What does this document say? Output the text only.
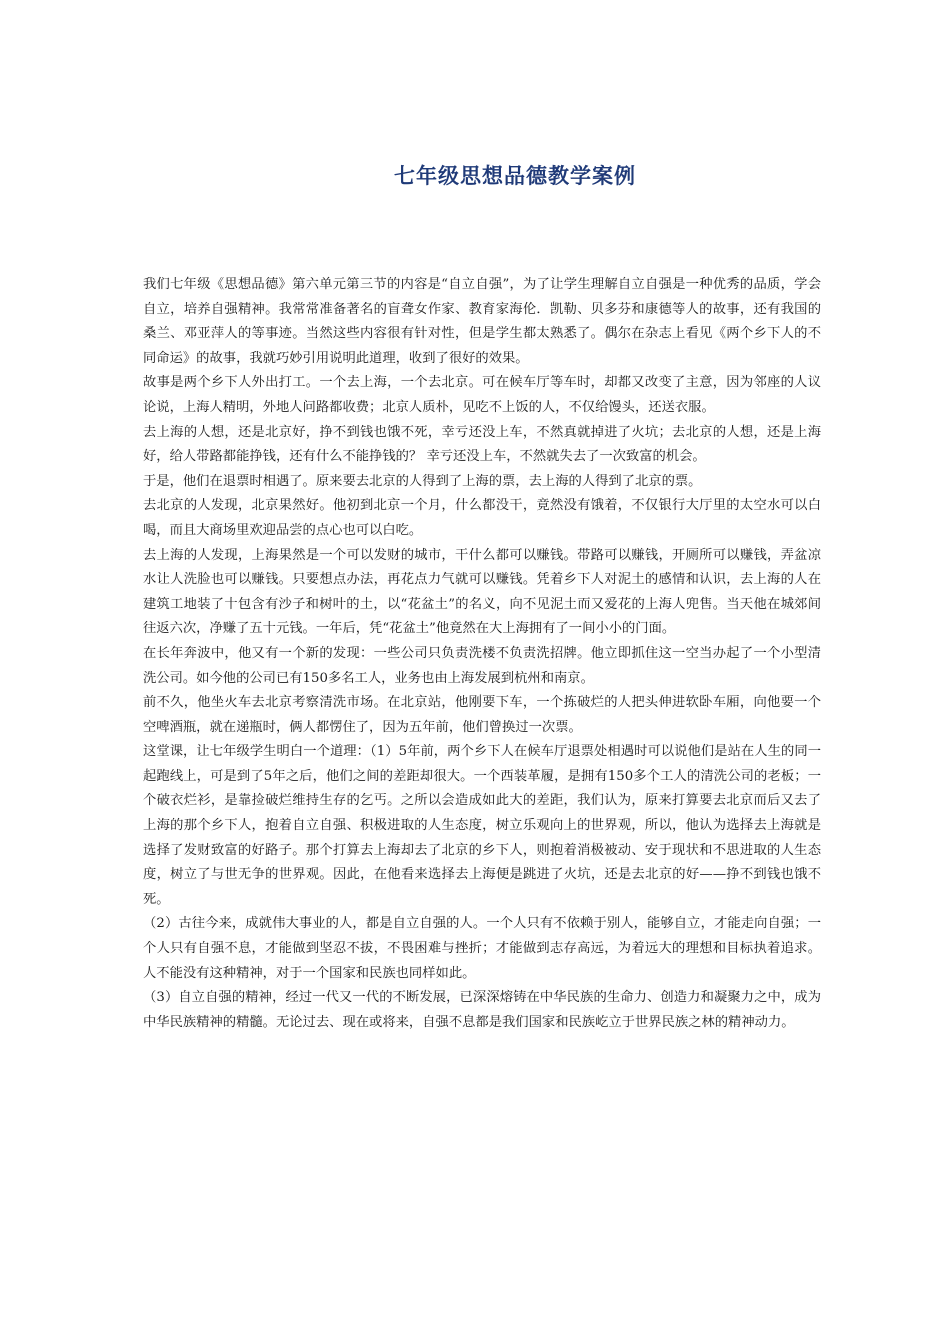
七年级思想品德教学案例

我们七年级《思想品德》第六单元第三节的内容是“自立自强”，为了让学生理解自立自强是一种优秀的品质，学会自立，培养自强精神。我常常准备著名的盲聋女作家、教育家海伦．凯勒、贝多芬和康德等人的故事，还有我国的桑兰、邓亚萍人的等事迹。当然这些内容很有针对性，但是学生都太熟悉了。偶尔在杂志上看见《两个乡下人的不同命运》的故事，我就巧妙引用说明此道理，收到了很好的效果。

故事是两个乡下人外出打工。一个去上海，一个去北京。可在候车厅等车时，却都又改变了主意，因为邻座的人议论说，上海人精明，外地人问路都收费；北京人质朴，见吃不上饭的人，不仅给馒头，还送衣服。

去上海的人想，还是北京好，挣不到钱也饿不死，幸亏还没上车，不然真就掉进了火坑；去北京的人想，还是上海好，给人带路都能挣钱，还有什么不能挣钱的？ 幸亏还没上车，不然就失去了一次致富的机会。

于是，他们在退票时相遇了。原来要去北京的人得到了上海的票，去上海的人得到了北京的票。

去北京的人发现，北京果然好。他初到北京一个月，什么都没干，竟然没有饿着，不仅银行大厅里的太空水可以白喝，而且大商场里欢迎品尝的点心也可以白吃。

去上海的人发现，上海果然是一个可以发财的城市，干什么都可以赚钱。带路可以赚钱，开厕所可以赚钱，弄盆凉水让人洗脸也可以赚钱。只要想点办法，再花点力气就可以赚钱。凭着乡下人对泥土的感情和认识，去上海的人在建筑工地装了十包含有沙子和树叶的土，以“花盆土”的名义，向不见泥土而又爱花的上海人兜售。当天他在城郊间往返六次，净赚了五十元钱。一年后，凭“花盆土”他竟然在大上海拥有了一间小小的门面。

在长年奔波中，他又有一个新的发现：一些公司只负责洗楼不负责洗招牌。他立即抓住这一空当办起了一个小型清洗公司。如今他的公司已有150多名工人，业务也由上海发展到杭州和南京。

前不久，他坐火车去北京考察清洗市场。在北京站，他刚要下车，一个拣破烂的人把头伸进软卧车厢，向他要一个空啤酒瓶，就在递瓶时，俩人都愣住了，因为五年前，他们曾换过一次票。

这堂课，让七年级学生明白一个道理：（1）5年前，两个乡下人在候车厅退票处相遇时可以说他们是站在人生的同一起跑线上，可是到了5年之后，他们之间的差距却很大。一个西装革履，是拥有150多个工人的清洗公司的老板；一个破衣烂衫，是靠捡破烂维持生存的乞丐。之所以会造成如此大的差距，我们认为，原来打算要去北京而后又去了上海的那个乡下人，抱着自立自强、积极进取的人生态度，树立乐观向上的世界观，所以，他认为选择去上海就是选择了发财致富的好路子。那个打算去上海却去了北京的乡下人，则抱着消极被动、安于现状和不思进取的人生态度，树立了与世无争的世界观。因此，在他看来选择去上海便是跳进了火坑，还是去北京的好——挣不到钱也饿不死。

（2）古往今来，成就伟大事业的人，都是自立自强的人。一个人只有不依赖于别人，能够自立，才能走向自强；一个人只有自强不息，才能做到坚忍不拔，不畏困难与挫折；才能做到志存高远，为着远大的理想和目标执着追求。人不能没有这种精神，对于一个国家和民族也同样如此。

（3）自立自强的精神，经过一代又一代的不断发展，已深深熔铸在中华民族的生命力、创造力和凝聚力之中，成为中华民族精神的精髓。无论过去、现在或将来，自强不息都是我们国家和民族屹立于世界民族之林的精神动力。
